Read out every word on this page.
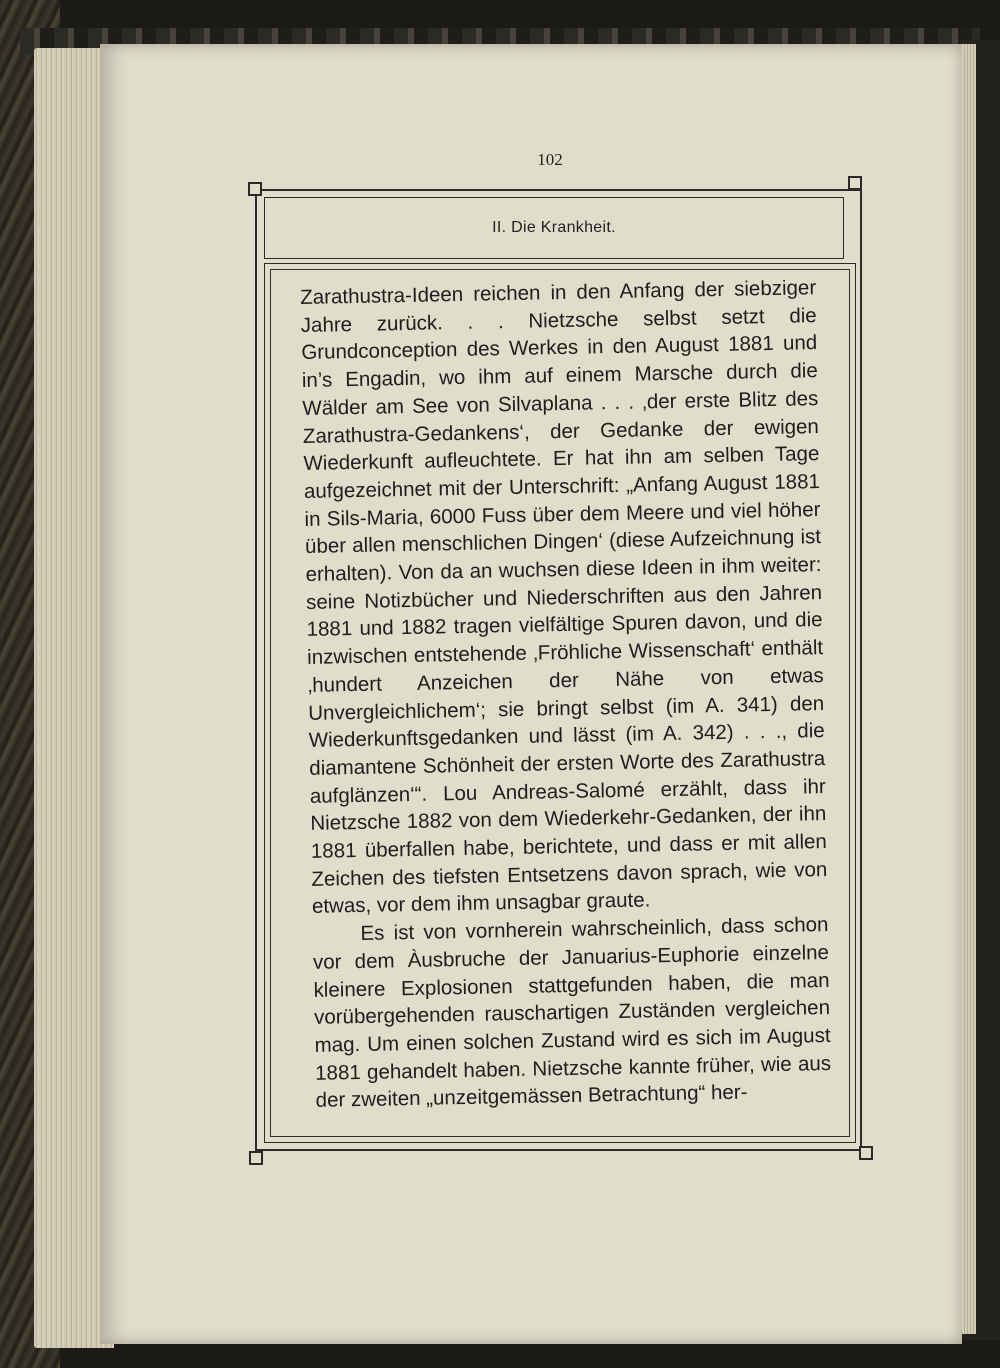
102
II. Die Krankheit.

Zarathustra-Ideen reichen in den Anfang der siebziger Jahre zurück. . . Nietzsche selbst setzt die Grundconception des Werkes in den August 1881 und in’s Engadin, wo ihm auf einem Marsche durch die Wälder am See von Silvaplana . . . ‚der erste Blitz des Zarathustra-Gedankens‘, der Gedanke der ewigen Wiederkunft aufleuchtete. Er hat ihn am selben Tage aufgezeichnet mit der Unterschrift: „Anfang August 1881 in Sils-Maria, 6000 Fuss über dem Meere und viel höher über allen menschlichen Dingen‘ (diese Aufzeichnung ist erhalten). Von da an wuchsen diese Ideen in ihm weiter: seine Notizbücher und Niederschriften aus den Jahren 1881 und 1882 tragen vielfältige Spuren davon, und die inzwischen entstehende ‚Fröhliche Wissenschaft‘ enthält ‚hundert Anzeichen der Nähe von etwas Unvergleichlichem‘; sie bringt selbst (im A. 341) den Wiederkunftsgedanken und lässt (im A. 342) . . ., die diamantene Schönheit der ersten Worte des Zarathustra aufglänzen‘“. Lou Andreas-Salomé erzählt, dass ihr Nietzsche 1882 von dem Wiederkehr-Gedanken, der ihn 1881 überfallen habe, berichtete, und dass er mit allen Zeichen des tiefsten Entsetzens davon sprach, wie von etwas, vor dem ihm unsagbar graute.

Es ist von vornherein wahrscheinlich, dass schon vor dem Àusbruche der Januarius-Euphorie einzelne kleinere Explosionen stattgefunden haben, die man vorübergehenden rauschartigen Zuständen vergleichen mag. Um einen solchen Zustand wird es sich im August 1881 gehandelt haben. Nietzsche kannte früher, wie aus der zweiten „unzeitgemässen Betrachtung“ her-
